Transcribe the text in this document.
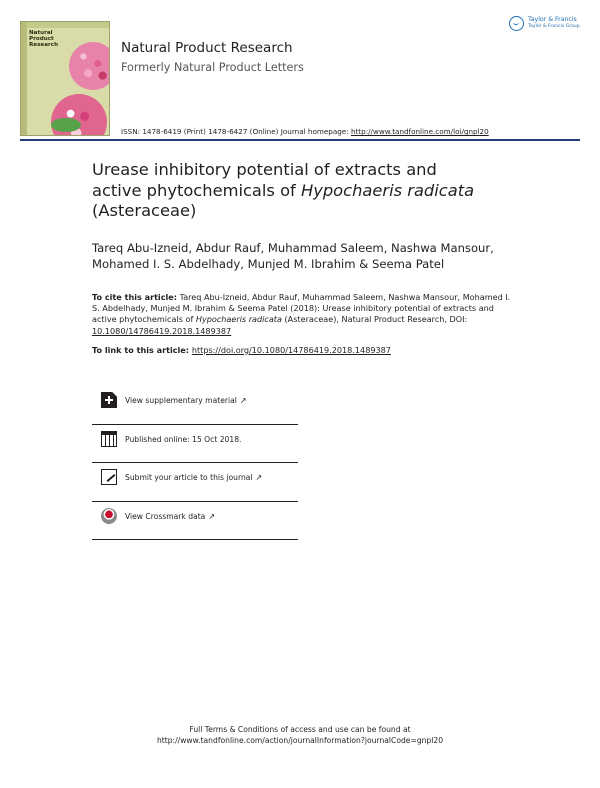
Natural
Product
Research	Natural Product Research
Formerly Natural Product Letters
ISSN: 1478-6419 (Print) 1478-6427 (Online) Journal homepage: http://www.tandfonline.com/loi/gnpl20
Taylor & Francis
Taylor & Francis Group
Urease inhibitory potential of extracts and
active phytochemicals of Hypochaeris radicata
(Asteraceae)
Tareq Abu-Izneid, Abdur Rauf, Muhammad Saleem, Nashwa Mansour,
Mohamed I. S. Abdelhady, Munjed M. Ibrahim & Seema Patel
To cite this article: Tareq Abu-Izneid, Abdur Rauf, Muhammad Saleem, Nashwa Mansour, Mohamed I. S. Abdelhady, Munjed M. Ibrahim & Seema Patel (2018): Urease inhibitory potential of extracts and active phytochemicals of Hypochaeris radicata (Asteraceae), Natural Product Research, DOI: 10.1080/14786419.2018.1489387
To link to this article: https://doi.org/10.1080/14786419.2018.1489387
View supplementary material ↗
Published online: 15 Oct 2018.
Submit your article to this journal ↗
View Crossmark data ↗
Full Terms & Conditions of access and use can be found at
http://www.tandfonline.com/action/journalInformation?journalCode=gnpl20
